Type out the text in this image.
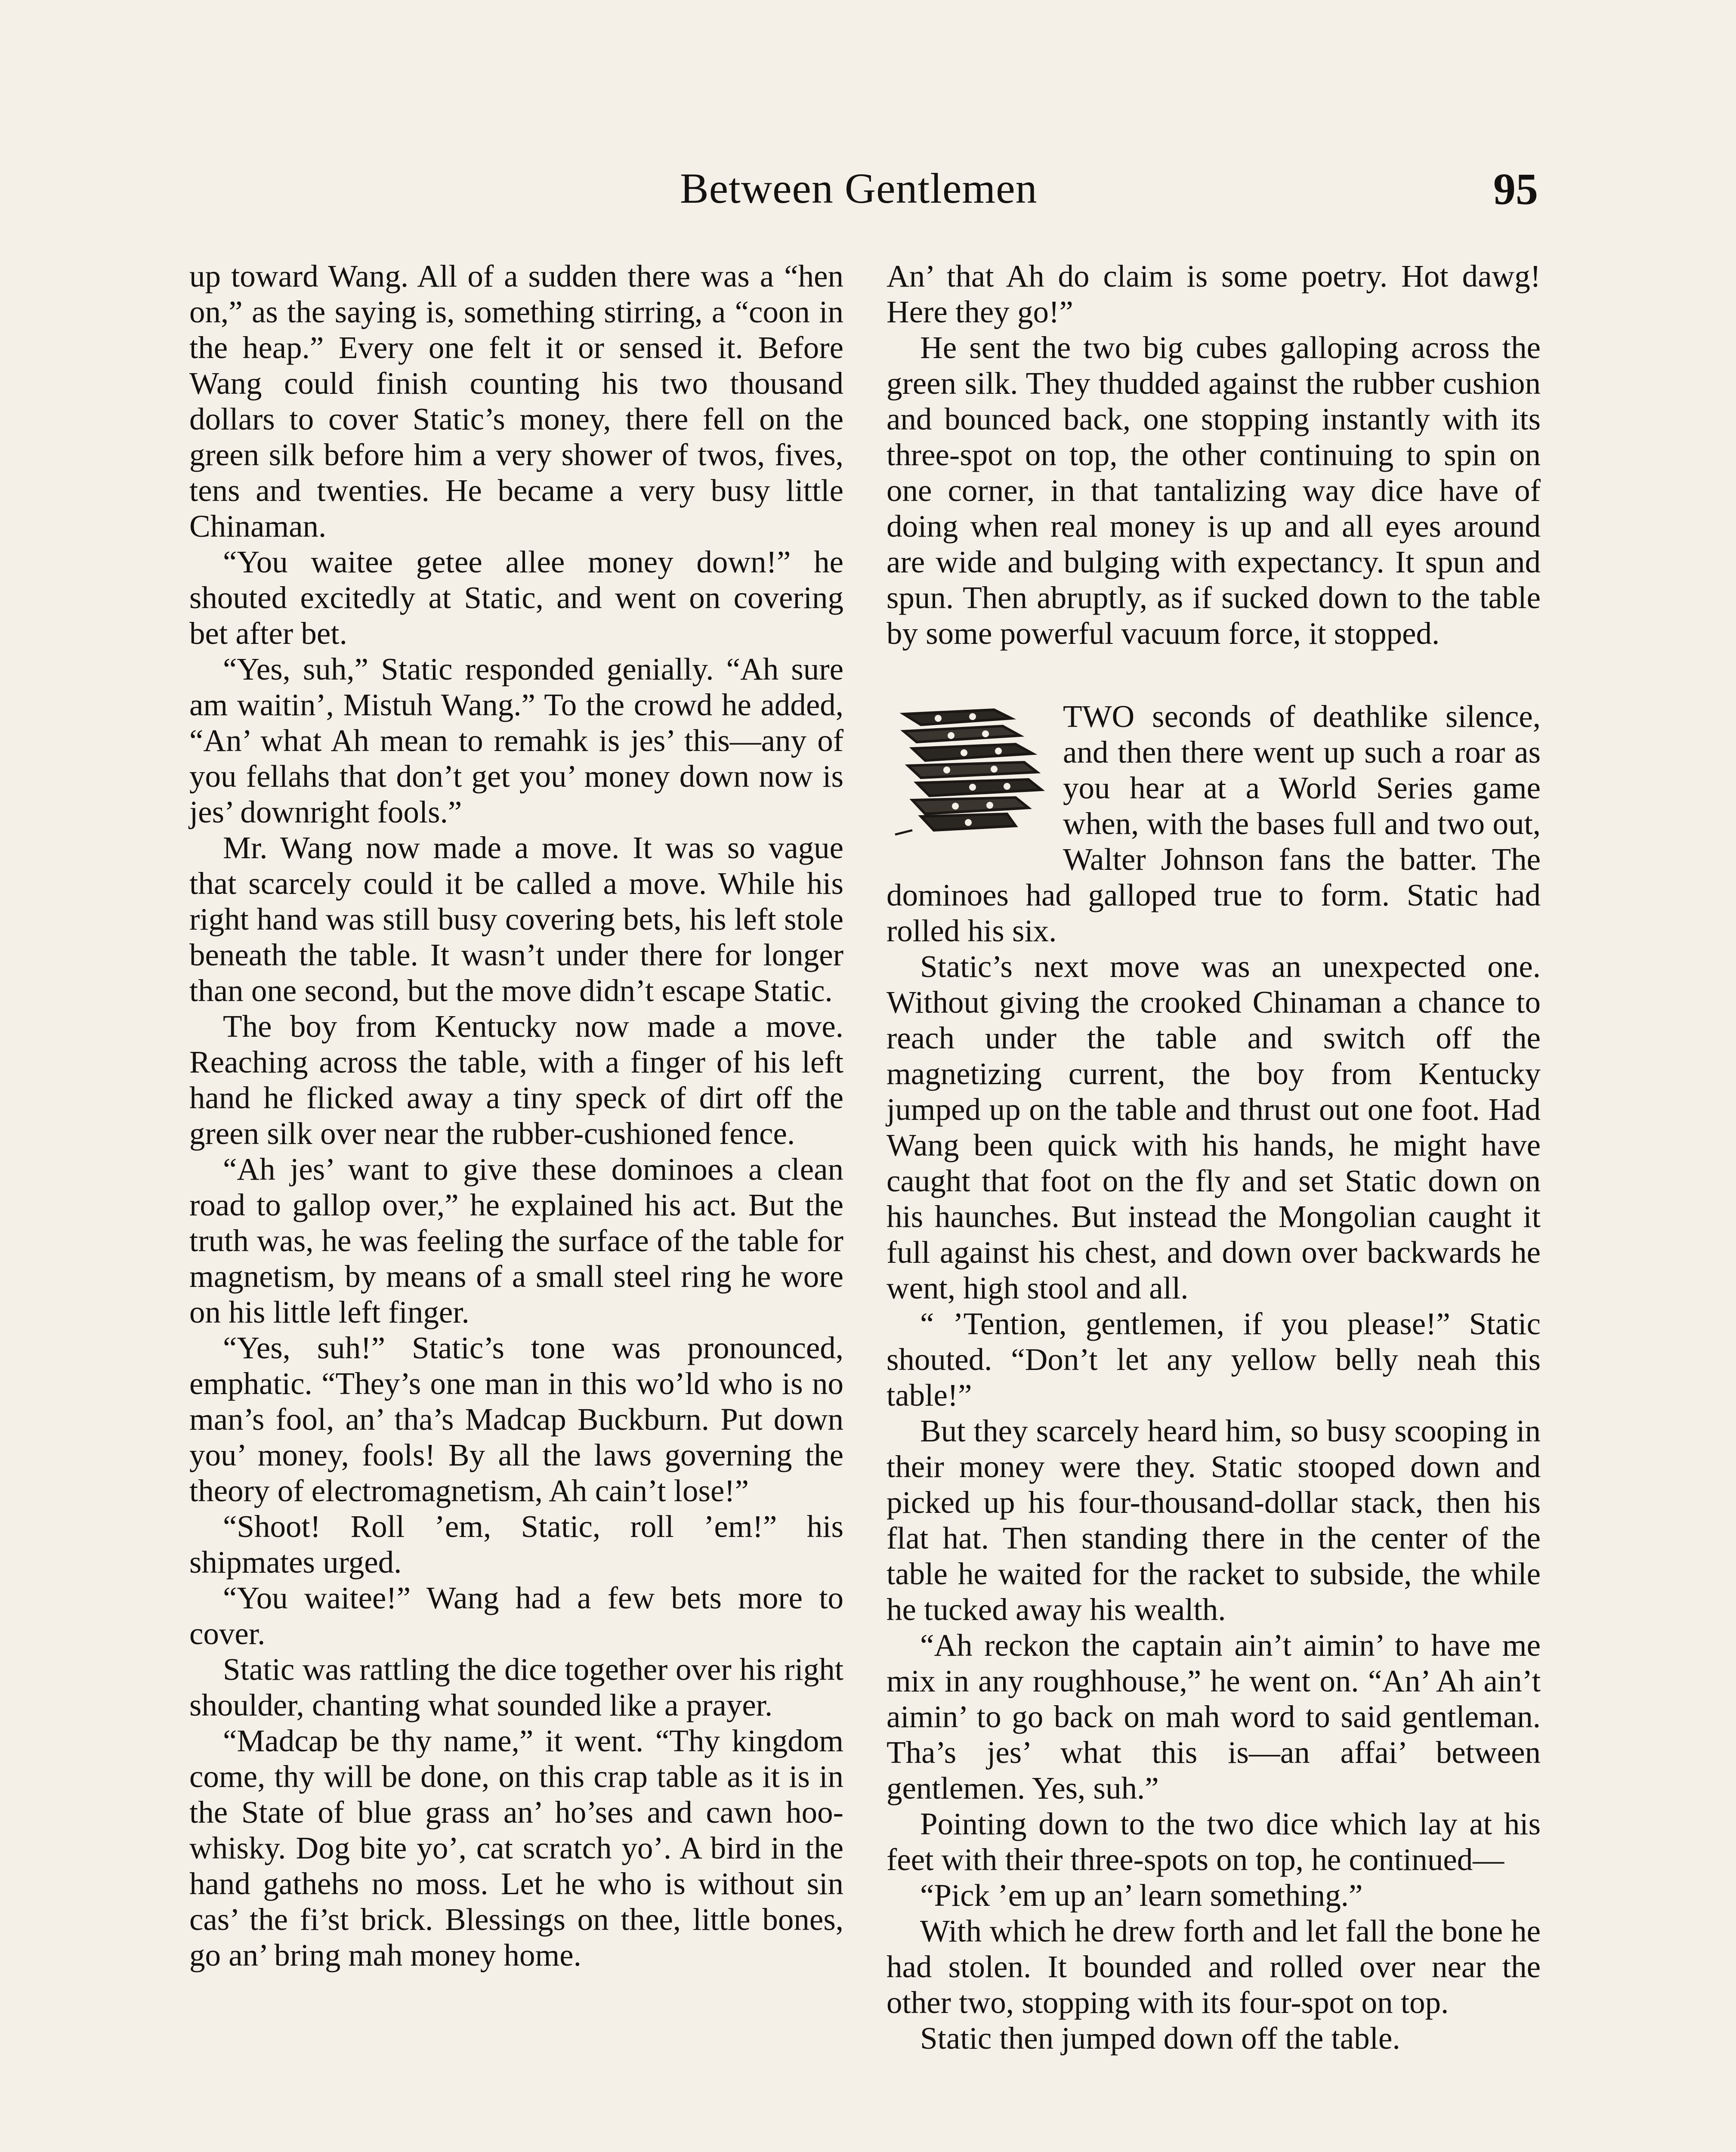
Between Gentlemen	95

up toward Wang. All of a sudden there was a “hen on,” as the saying is, something stirring, a “coon in the heap.” Every one felt it or sensed it. Before Wang could finish counting his two thousand dollars to cover Static’s money, there fell on the green silk before him a very shower of twos, fives, tens and twenties. He became a very busy little Chinaman.

“You waitee getee allee money down!” he shouted excitedly at Static, and went on covering bet after bet.

“Yes, suh,” Static responded genially. “Ah sure am waitin’, Mistuh Wang.” To the crowd he added, “An’ what Ah mean to remahk is jes’ this—any of you fellahs that don’t get you’ money down now is jes’ downright fools.”

Mr. Wang now made a move. It was so vague that scarcely could it be called a move. While his right hand was still busy covering bets, his left stole beneath the table. It wasn’t under there for longer than one second, but the move didn’t escape Static.

The boy from Kentucky now made a move. Reaching across the table, with a finger of his left hand he flicked away a tiny speck of dirt off the green silk over near the rubber-cushioned fence.

“Ah jes’ want to give these dominoes a clean road to gallop over,” he explained his act. But the truth was, he was feeling the surface of the table for magnetism, by means of a small steel ring he wore on his little left finger.

“Yes, suh!” Static’s tone was pronounced, emphatic. “They’s one man in this wo’ld who is no man’s fool, an’ tha’s Madcap Buckburn. Put down you’ money, fools! By all the laws governing the theory of electromagnetism, Ah cain’t lose!”

“Shoot! Roll ’em, Static, roll ’em!” his shipmates urged.

“You waitee!” Wang had a few bets more to cover.

Static was rattling the dice together over his right shoulder, chanting what sounded like a prayer.

“Madcap be thy name,” it went. “Thy kingdom come, thy will be done, on this crap table as it is in the State of blue grass an’ ho’ses and cawn hoo-whisky. Dog bite yo’, cat scratch yo’. A bird in the hand gathehs no moss. Let he who is without sin cas’ the fi’st brick. Blessings on thee, little bones, go an’ bring mah money home.

An’ that Ah do claim is some poetry. Hot dawg! Here they go!”

He sent the two big cubes galloping across the green silk. They thudded against the rubber cushion and bounced back, one stopping instantly with its three-spot on top, the other continuing to spin on one corner, in that tantalizing way dice have of doing when real money is up and all eyes around are wide and bulging with expectancy. It spun and spun. Then abruptly, as if sucked down to the table by some powerful vacuum force, it stopped.

TWO seconds of deathlike silence, and then there went up such a roar as you hear at a World Series game when, with the bases full and two out, Walter Johnson fans the batter. The dominoes had galloped true to form. Static had rolled his six.

Static’s next move was an unexpected one. Without giving the crooked Chinaman a chance to reach under the table and switch off the magnetizing current, the boy from Kentucky jumped up on the table and thrust out one foot. Had Wang been quick with his hands, he might have caught that foot on the fly and set Static down on his haunches. But instead the Mongolian caught it full against his chest, and down over backwards he went, high stool and all.

“ ’Tention, gentlemen, if you please!” Static shouted. “Don’t let any yellow belly neah this table!”

But they scarcely heard him, so busy scooping in their money were they. Static stooped down and picked up his four-thousand-dollar stack, then his flat hat. Then standing there in the center of the table he waited for the racket to subside, the while he tucked away his wealth.

“Ah reckon the captain ain’t aimin’ to have me mix in any roughhouse,” he went on. “An’ Ah ain’t aimin’ to go back on mah word to said gentleman. Tha’s jes’ what this is—an affai’ between gentlemen. Yes, suh.”

Pointing down to the two dice which lay at his feet with their three-spots on top, he continued—

“Pick ’em up an’ learn something.”

With which he drew forth and let fall the bone he had stolen. It bounded and rolled over near the other two, stopping with its four-spot on top.

Static then jumped down off the table.
